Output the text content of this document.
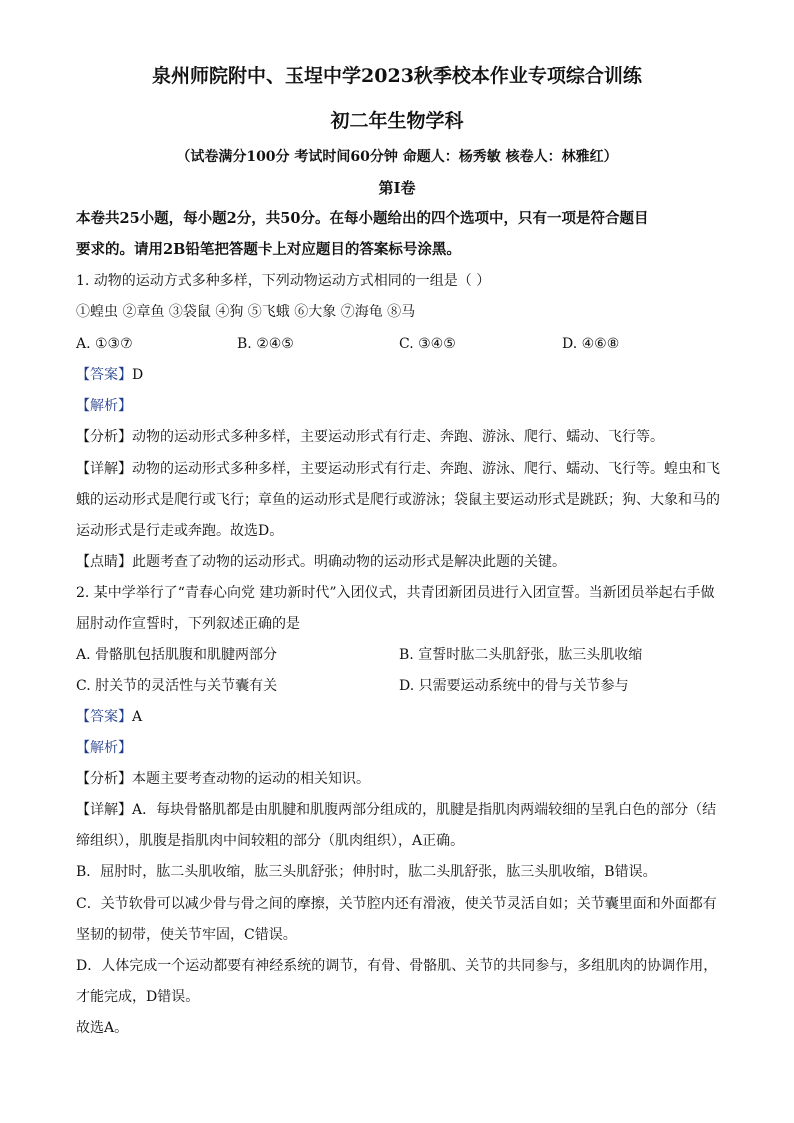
泉州师院附中、玉埕中学2023秋季校本作业专项综合训练
初二年生物学科
（试卷满分100分 考试时间60分钟 命题人：杨秀敏 核卷人：林雅红）
第Ⅰ卷
本卷共25小题，每小题2分，共50分。在每小题给出的四个选项中，只有一项是符合题目
要求的。请用2B铅笔把答题卡上对应题目的答案标号涂黑。
1. 动物的运动方式多种多样，下列动物运动方式相同的一组是（ ）
①蝗虫 ②章鱼 ③袋鼠 ④狗 ⑤飞蛾 ⑥大象 ⑦海龟 ⑧马
A. ①③⑦	B. ②④⑤	C. ③④⑤	D. ④⑥⑧
【答案】D
【解析】
【分析】动物的运动形式多种多样，主要运动形式有行走、奔跑、游泳、爬行、蠕动、飞行等。
【详解】动物的运动形式多种多样，主要运动形式有行走、奔跑、游泳、爬行、蠕动、飞行等。蝗虫和飞
蛾的运动形式是爬行或飞行；章鱼的运动形式是爬行或游泳；袋鼠主要运动形式是跳跃；狗、大象和马的
运动形式是行走或奔跑。故选D。
【点睛】此题考查了动物的运动形式。明确动物的运动形式是解决此题的关键。
2. 某中学举行了“青春心向党 建功新时代”入团仪式，共青团新团员进行入团宣誓。当新团员举起右手做
屈肘动作宣誓时，下列叙述正确的是
A. 骨骼肌包括肌腹和肌腱两部分	B. 宣誓时肱二头肌舒张，肱三头肌收缩
C. 肘关节的灵活性与关节囊有关	D. 只需要运动系统中的骨与关节参与
【答案】A
【解析】
【分析】本题主要考查动物的运动的相关知识。
【详解】A．每块骨骼肌都是由肌腱和肌腹两部分组成的，肌腱是指肌肉两端较细的呈乳白色的部分（结
缔组织），肌腹是指肌肉中间较粗的部分（肌肉组织），A正确。
B．屈肘时，肱二头肌收缩，肱三头肌舒张；伸肘时，肱二头肌舒张，肱三头肌收缩，B错误。
C．关节软骨可以减少骨与骨之间的摩擦，关节腔内还有滑液，使关节灵活自如；关节囊里面和外面都有
坚韧的韧带，使关节牢固，C错误。
D．人体完成一个运动都要有神经系统的调节，有骨、骨骼肌、关节的共同参与，多组肌肉的协调作用，
才能完成，D错误。
故选A。
